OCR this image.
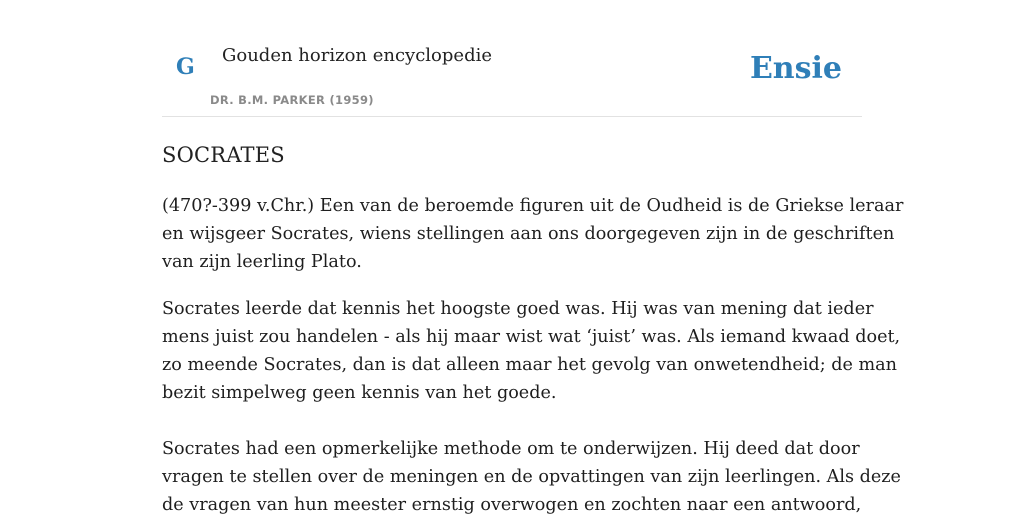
G Gouden horizon encyclopedie
DR. B.M. PARKER (1959)
Ensie
SOCRATES

(470?-399 v.Chr.) Een van de beroemde figuren uit de Oudheid is de Griekse leraar
en wijsgeer Socrates, wiens stellingen aan ons doorgegeven zijn in de geschriften
van zijn leerling Plato.

Socrates leerde dat kennis het hoogste goed was. Hij was van mening dat ieder
mens juist zou handelen - als hij maar wist wat ‘juist’ was. Als iemand kwaad doet,
zo meende Socrates, dan is dat alleen maar het gevolg van onwetendheid; de man
bezit simpelweg geen kennis van het goede.

Socrates had een opmerkelijke methode om te onderwijzen. Hij deed dat door
vragen te stellen over de meningen en de opvattingen van zijn leerlingen. Als deze
de vragen van hun meester ernstig overwogen en zochten naar een antwoord,
